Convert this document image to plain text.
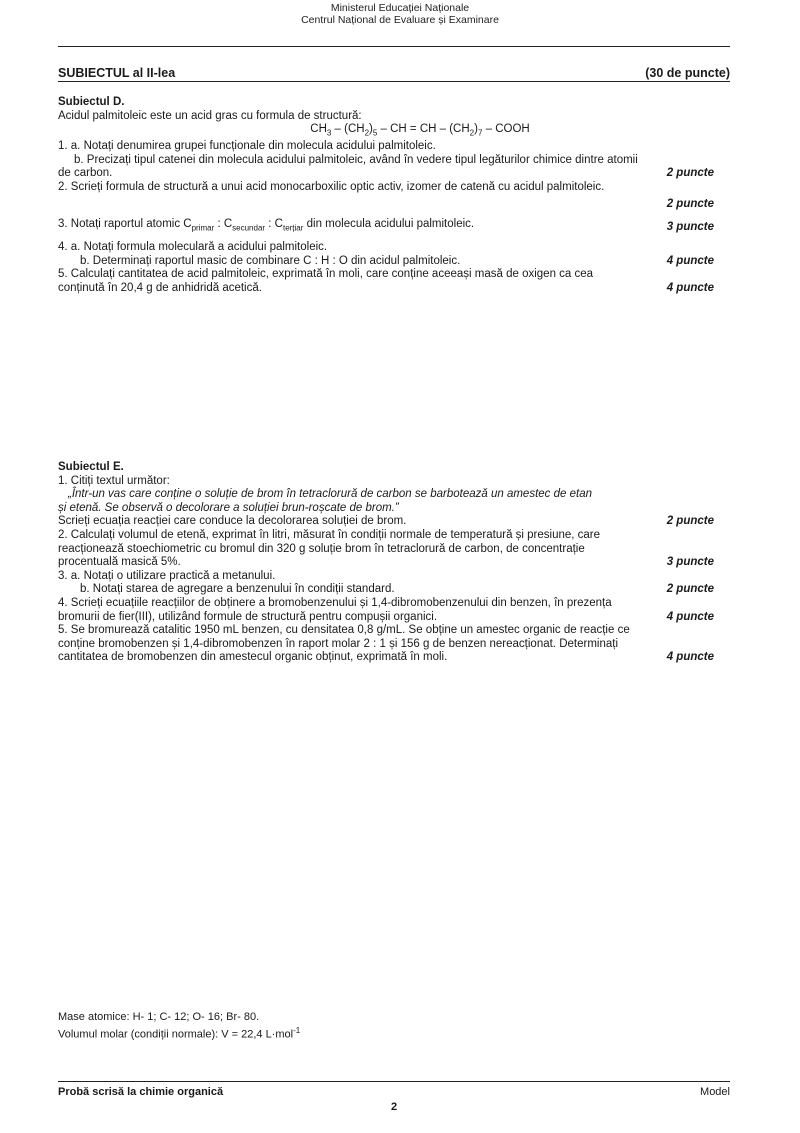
Ministerul Educației Naționale
Centrul Național de Evaluare și Examinare
SUBIECTUL al II-lea	(30 de puncte)
Subiectul D.
Acidul palmitoleic este un acid gras cu formula de structură:
$CH_3 - (CH_2)_5$ – CH = CH – $(CH_2)_7$ – COOH
1. a. Notați denumirea grupei funcționale din molecula acidului palmitoleic.
b. Precizați tipul catenei din molecula acidului palmitoleic, având în vedere tipul legăturilor chimice dintre atomii
de carbon.	2 puncte
2. Scrieți formula de structură a unui acid monocarboxilic optic activ, izomer de catenă cu acidul palmitoleic.
2 puncte
3. Notați raportul atomic $C_{primar}$ : $C_{secundar}$ : $C_{terțiar}$ din molecula acidului palmitoleic.	3 puncte
4. a. Notați formula moleculară a acidului palmitoleic.
b. Determinați raportul masic de combinare C : H : O din acidul palmitoleic.	4 puncte
5. Calculați cantitatea de acid palmitoleic, exprimată în moli, care conține aceeași masă de oxigen ca cea
conținută în 20,4 g de anhidridă acetică.	4 puncte
Subiectul E.
1. Citiți textul următor:
„Într-un vas care conține o soluție de brom în tetraclorură de carbon se barbotează un amestec de etan
și etenă. Se observă o decolorare a soluției brun-roșcate de brom.”
Scrieți ecuația reacției care conduce la decolorarea soluției de brom.	2 puncte
2. Calculați volumul de etenă, exprimat în litri, măsurat în condiții normale de temperatură și presiune, care
reacționează stoechiometric cu bromul din 320 g soluție brom în tetraclorură de carbon, de concentrație
procentuală masică 5%.	3 puncte
3. a. Notați o utilizare practică a metanului.
b. Notați starea de agregare a benzenului în condiții standard.	2 puncte
4. Scrieți ecuațiile reacțiilor de obținere a bromobenzenului și 1,4-dibromobenzenului din benzen, în prezența
bromurii de fier(III), utilizând formule de structură pentru compușii organici.	4 puncte
5. Se bromurează catalitic 1950 mL benzen, cu densitatea 0,8 g/mL. Se obține un amestec organic de reacție ce
conține bromobenzen și 1,4-dibromobenzen în raport molar 2 : 1 și 156 g de benzen nereacționat. Determinați
cantitatea de bromobenzen din amestecul organic obținut, exprimată în moli.	4 puncte
Mase atomice: H- 1; C- 12; O- 16; Br- 80.
Volumul molar (condiții normale): V = 22,4 L·mol$^{-1}$
Probă scrisă la chimie organică	Model
2
